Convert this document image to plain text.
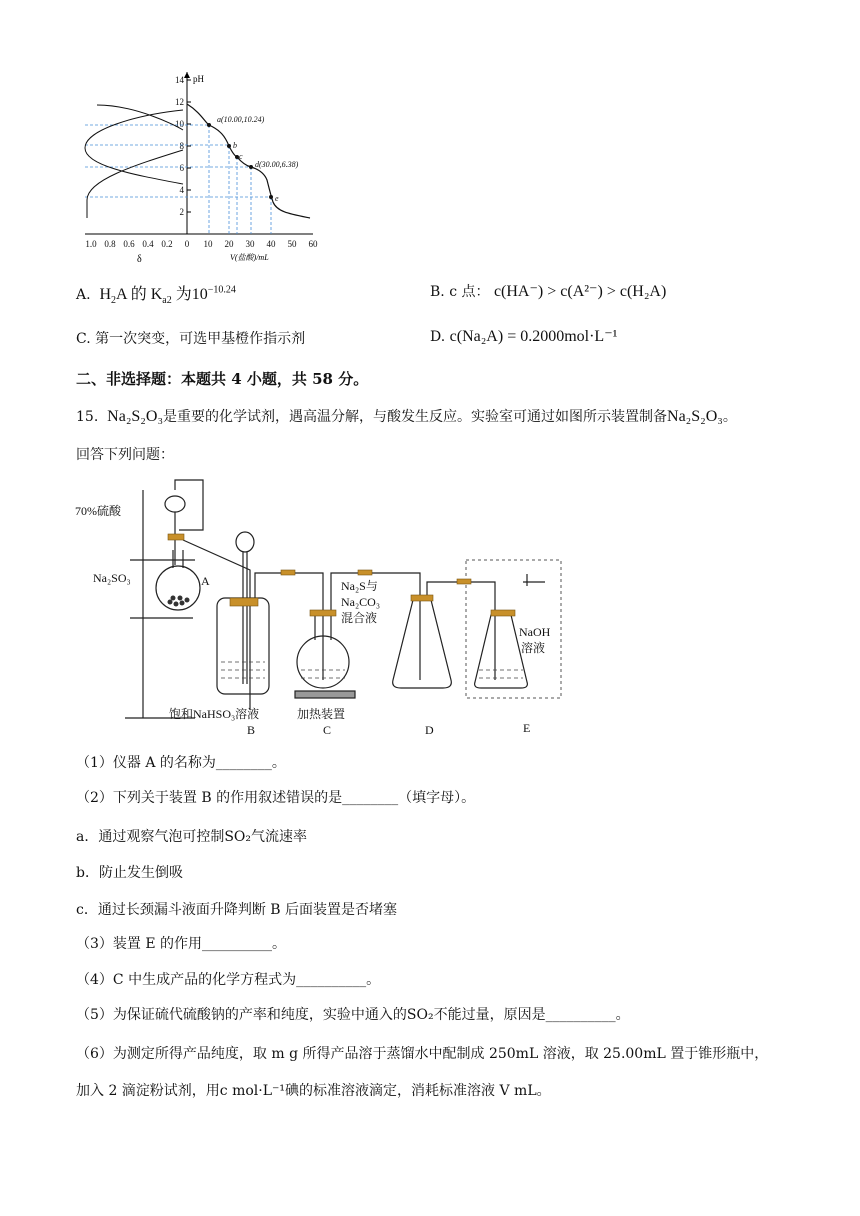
14
12
10
8
6
4
2
pH
1.0 0.8 0.6 0.4 0.2 0 10 20 30 40 50 60
V(盐酸)/mL
δ
a(10.00,10.24)
b
c
d(30.00,6.38)
e
A. $H_2A$ 的 $K_{a2}$ 为$10^{-10.24}$	B. c 点： c(HA⁻) > c(A²⁻) > c(H₂A)
C. 第一次突变，可选甲基橙作指示剂	D. c(Na₂A) = 0.2000mol·L⁻¹
二、非选择题：本题共 4 小题，共 58 分。
15. Na₂S₂O₃是重要的化学试剂，遇高温分解，与酸发生反应。实验室可通过如图所示装置制备Na₂S₂O₃。
回答下列问题：
70%硫酸
Na₂SO₃	A
饱和NaHSO₃溶液
Na₂S与
Na₂CO₃
混合液
加热装置
NaOH
溶液
B	C	D	E
（1）仪器 A 的名称为________。
（2）下列关于装置 B 的作用叙述错误的是________（填字母）。
a．通过观察气泡可控制SO₂气流速率
b．防止发生倒吸
c．通过长颈漏斗液面升降判断 B 后面装置是否堵塞
（3）装置 E 的作用__________。
（4）C 中生成产品的化学方程式为__________。
（5）为保证硫代硫酸钠的产率和纯度，实验中通入的SO₂不能过量，原因是__________。
（6）为测定所得产品纯度，取 m g 所得产品溶于蒸馏水中配制成 250mL 溶液，取 25.00mL 置于锥形瓶中，
加入 2 滴淀粉试剂，用c mol·L⁻¹碘的标准溶液滴定，消耗标准溶液 V mL。
